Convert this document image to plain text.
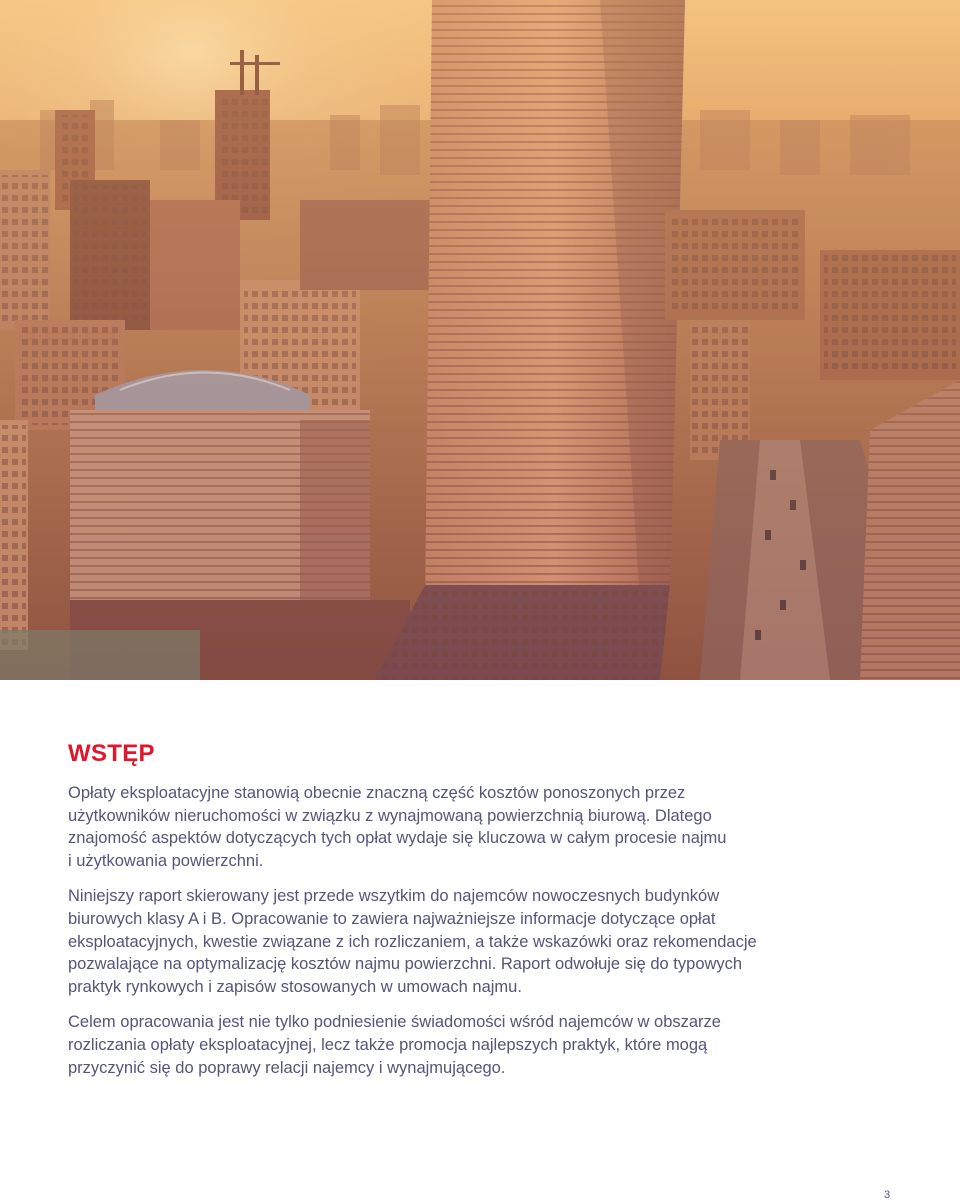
WSTĘP

Opłaty eksploatacyjne stanowią obecnie znaczną część kosztów ponoszonych przez
użytkowników nieruchomości w związku z wynajmowaną powierzchnią biurową. Dlatego
znajomość aspektów dotyczących tych opłat wydaje się kluczowa w całym procesie najmu
i użytkowania powierzchni.

Niniejszy raport skierowany jest przede wszytkim do najemców nowoczesnych budynków
biurowych klasy A i B. Opracowanie to zawiera najważniejsze informacje dotyczące opłat
eksploatacyjnych, kwestie związane z ich rozliczaniem, a także wskazówki oraz rekomendacje
pozwalające na optymalizację kosztów najmu powierzchni. Raport odwołuje się do typowych
praktyk rynkowych i zapisów stosowanych w umowach najmu.

Celem opracowania jest nie tylko podniesienie świadomości wśród najemców w obszarze
rozliczania opłaty eksploatacyjnej, lecz także promocja najlepszych praktyk, które mogą
przyczynić się do poprawy relacji najemcy i wynajmującego.

3
